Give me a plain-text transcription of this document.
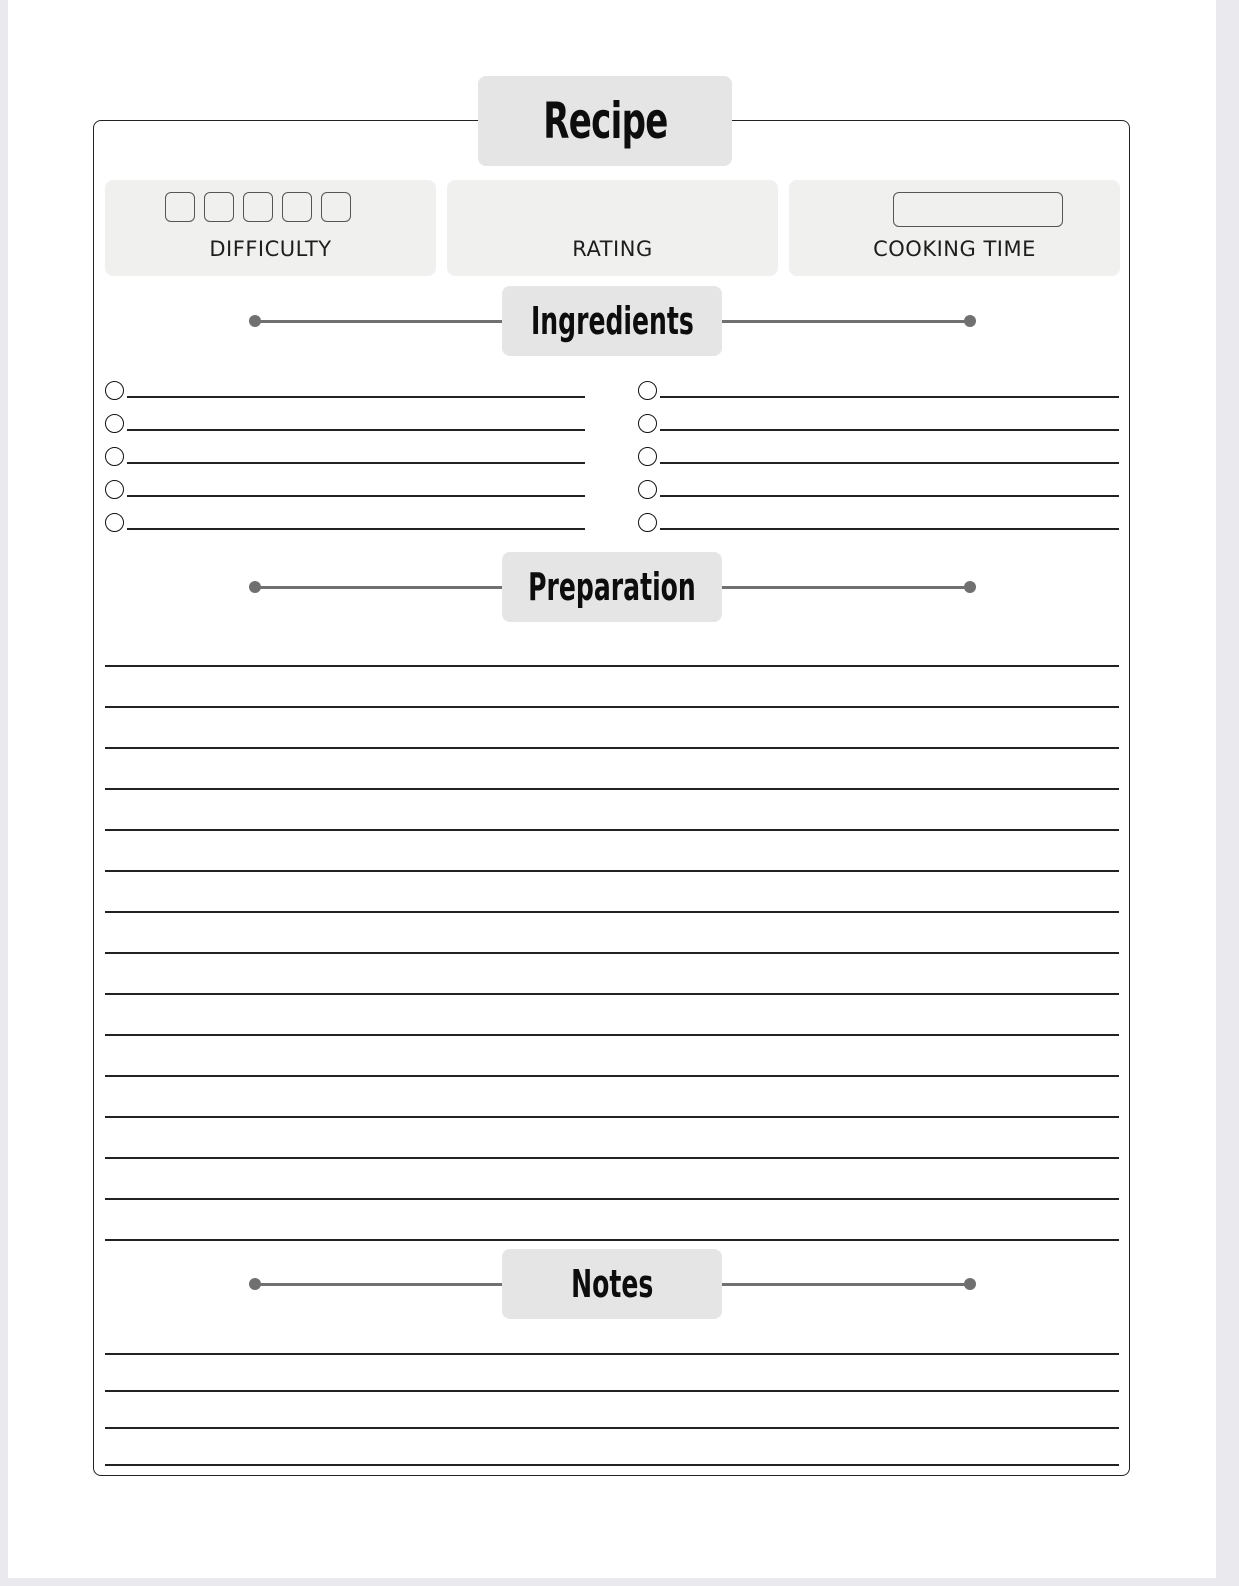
Recipe
DIFFICULTY	RATING	COOKING TIME
Ingredients
Preparation
Notes
